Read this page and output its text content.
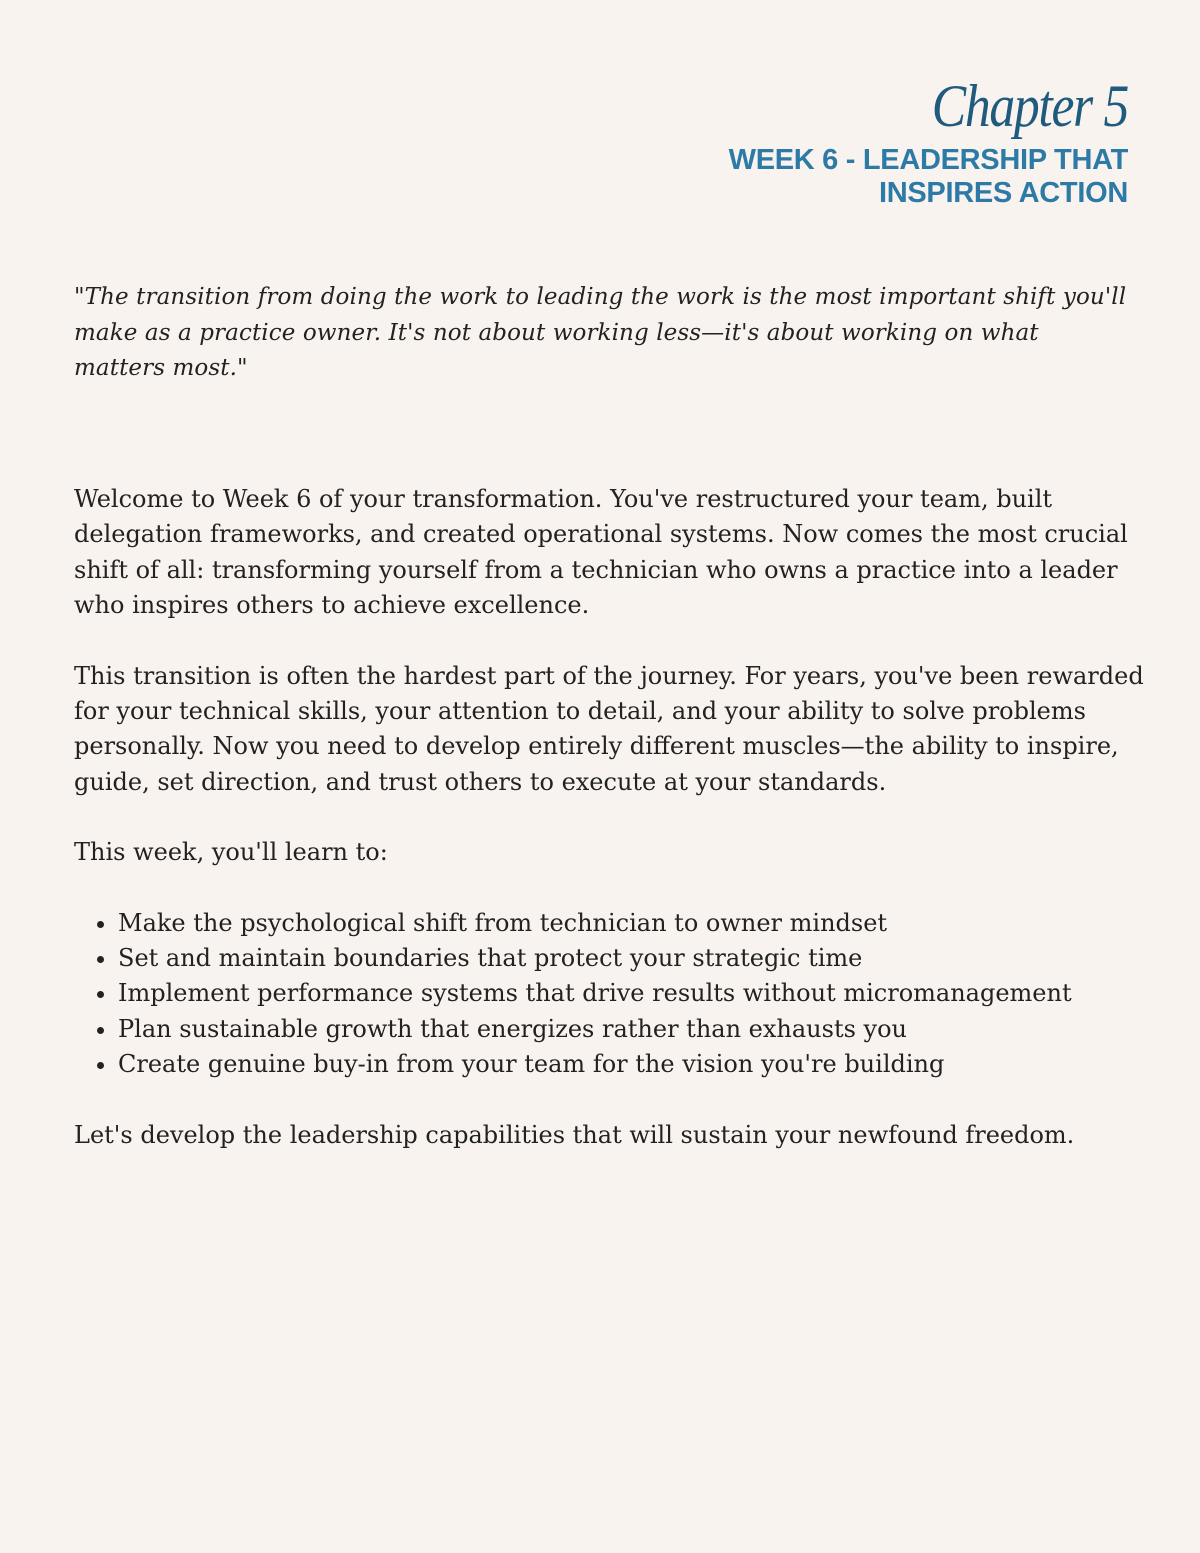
Chapter 5
WEEK 6 - LEADERSHIP THAT
INSPIRES ACTION

"The transition from doing the work to leading the work is the most important shift you'll make as a practice owner. It's not about working less—it's about working on what matters most."

Welcome to Week 6 of your transformation. You've restructured your team, built delegation frameworks, and created operational systems. Now comes the most crucial shift of all: transforming yourself from a technician who owns a practice into a leader who inspires others to achieve excellence.

This transition is often the hardest part of the journey. For years, you've been rewarded for your technical skills, your attention to detail, and your ability to solve problems personally. Now you need to develop entirely different muscles—the ability to inspire, guide, set direction, and trust others to execute at your standards.

This week, you'll learn to:

• Make the psychological shift from technician to owner mindset
• Set and maintain boundaries that protect your strategic time
• Implement performance systems that drive results without micromanagement
• Plan sustainable growth that energizes rather than exhausts you
• Create genuine buy-in from your team for the vision you're building

Let's develop the leadership capabilities that will sustain your newfound freedom.
